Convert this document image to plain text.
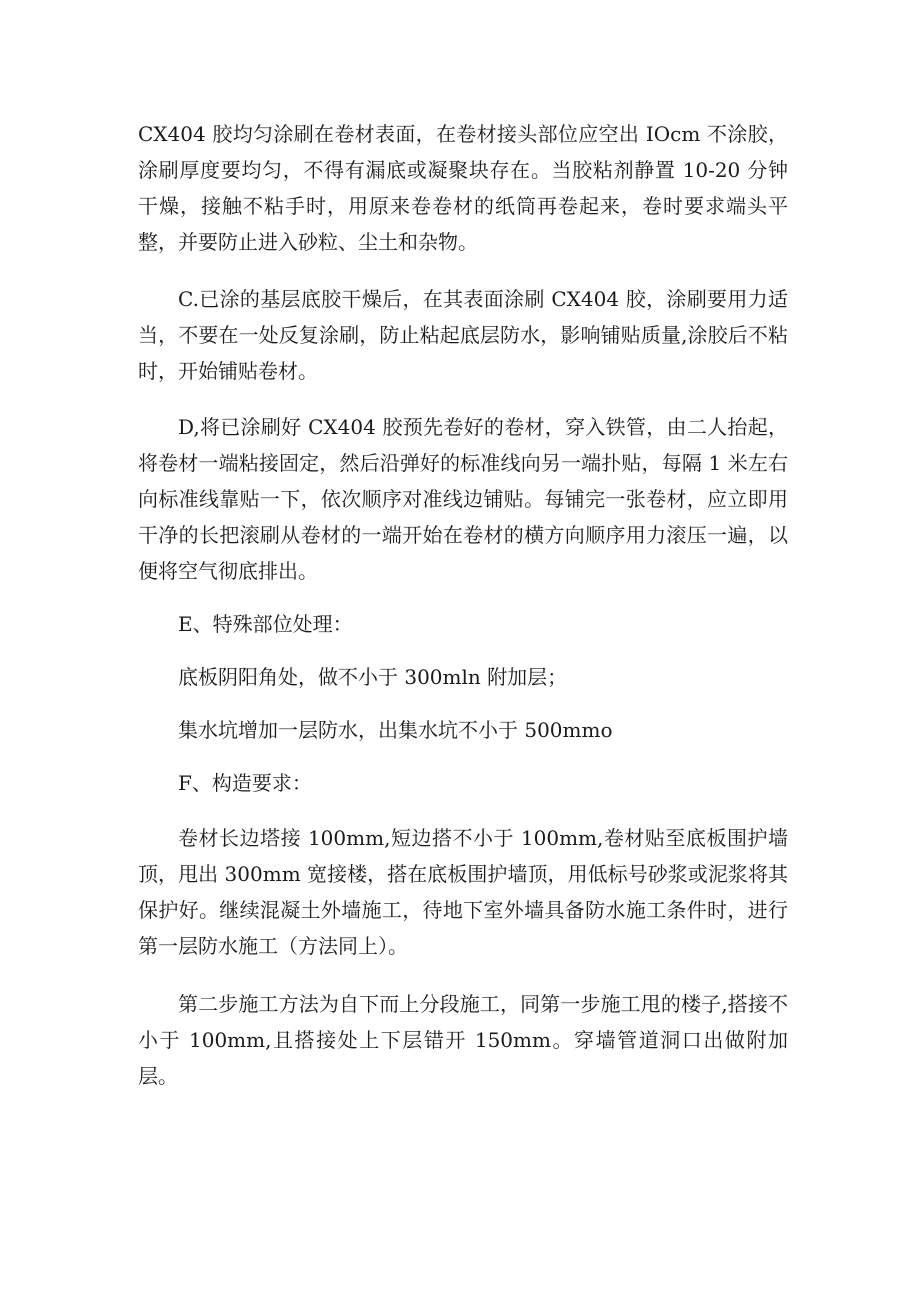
CX404 胶均匀涂刷在卷材表面，在卷材接头部位应空出 IOcm 不涂胶，涂刷厚度要均匀，不得有漏底或凝聚块存在。当胶粘剂静置 10-20 分钟干燥，接触不粘手时，用原来卷卷材的纸筒再卷起来，卷时要求端头平整，并要防止进入砂粒、尘土和杂物。

C.已涂的基层底胶干燥后，在其表面涂刷 CX404 胶，涂刷要用力适当，不要在一处反复涂刷，防止粘起底层防水，影响铺贴质量,涂胶后不粘时，开始铺贴卷材。

D,将已涂刷好 CX404 胶预先卷好的卷材，穿入铁管，由二人抬起，将卷材一端粘接固定，然后沿弹好的标准线向另一端扑贴，每隔 1 米左右向标准线靠贴一下，依次顺序对准线边铺贴。每铺完一张卷材，应立即用干净的长把滚刷从卷材的一端开始在卷材的横方向顺序用力滚压一遍，以便将空气彻底排出。

E、特殊部位处理：

底板阴阳角处，做不小于 300mln 附加层；

集水坑增加一层防水，出集水坑不小于 500mmo

F、构造要求：

卷材长边塔接 100mm,短边搭不小于 100mm,卷材贴至底板围护墙顶，甩出 300mm 宽接楼，搭在底板围护墙顶，用低标号砂浆或泥浆将其保护好。继续混凝土外墙施工，待地下室外墙具备防水施工条件时，进行第一层防水施工（方法同上）。

第二步施工方法为自下而上分段施工，同第一步施工甩的楼子,搭接不小于 100mm,且搭接处上下层错开 150mm。穿墙管道洞口出做附加层。
